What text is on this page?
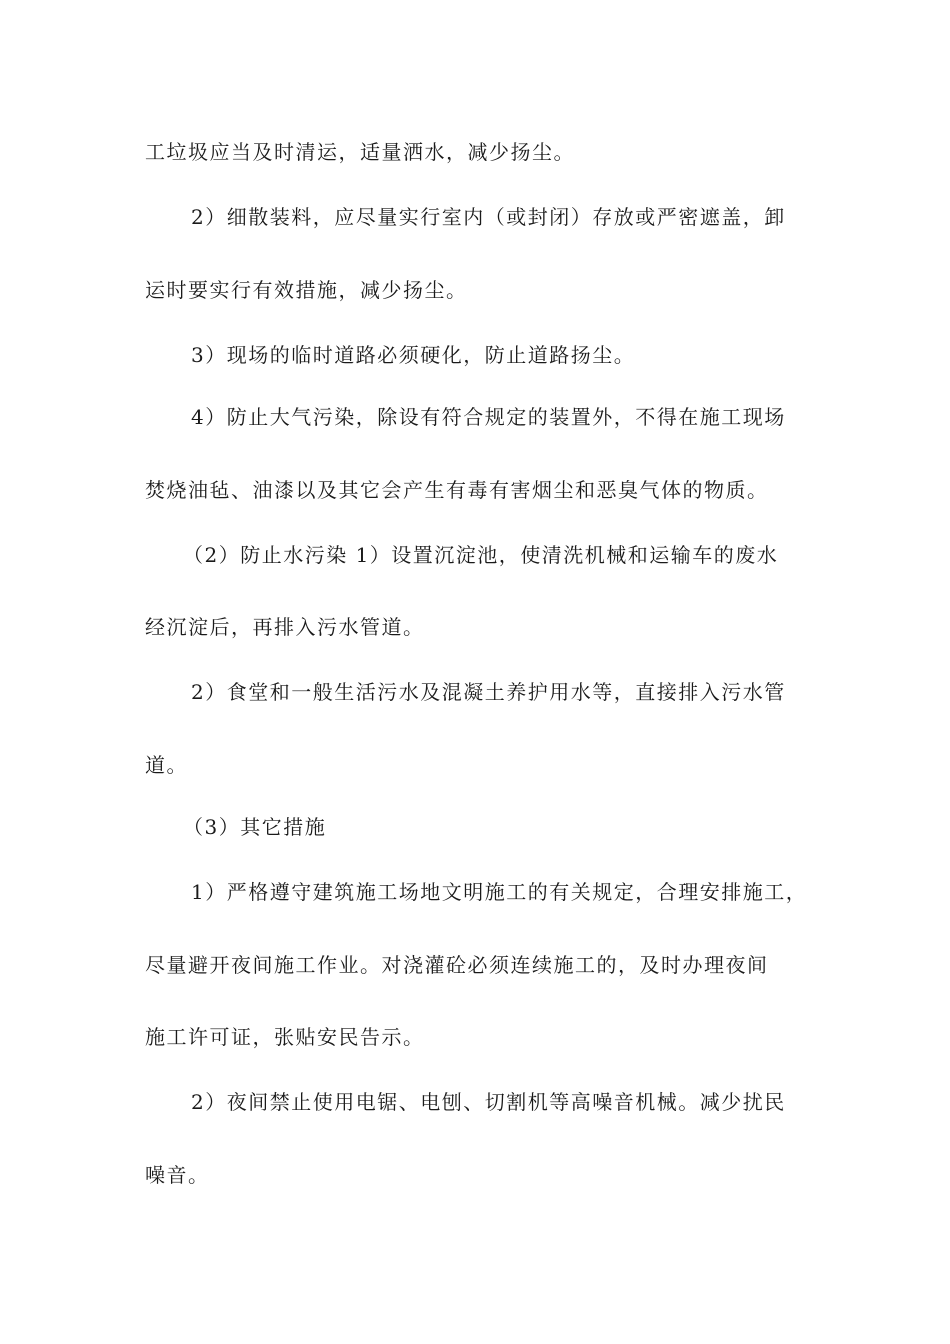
工垃圾应当及时清运，适量洒水，减少扬尘。
2）细散装料，应尽量实行室内（或封闭）存放或严密遮盖，卸
运时要实行有效措施，减少扬尘。
3）现场的临时道路必须硬化，防止道路扬尘。
4）防止大气污染，除设有符合规定的装置外，不得在施工现场
焚烧油毡、油漆以及其它会产生有毒有害烟尘和恶臭气体的物质。
（2）防止水污染 1）设置沉淀池，使清洗机械和运输车的废水
经沉淀后，再排入污水管道。
2）食堂和一般生活污水及混凝土养护用水等，直接排入污水管
道。
（3）其它措施
1）严格遵守建筑施工场地文明施工的有关规定，合理安排施工，
尽量避开夜间施工作业。对浇灌砼必须连续施工的，及时办理夜间
施工许可证，张贴安民告示。
2）夜间禁止使用电锯、电刨、切割机等高噪音机械。减少扰民
噪音。
